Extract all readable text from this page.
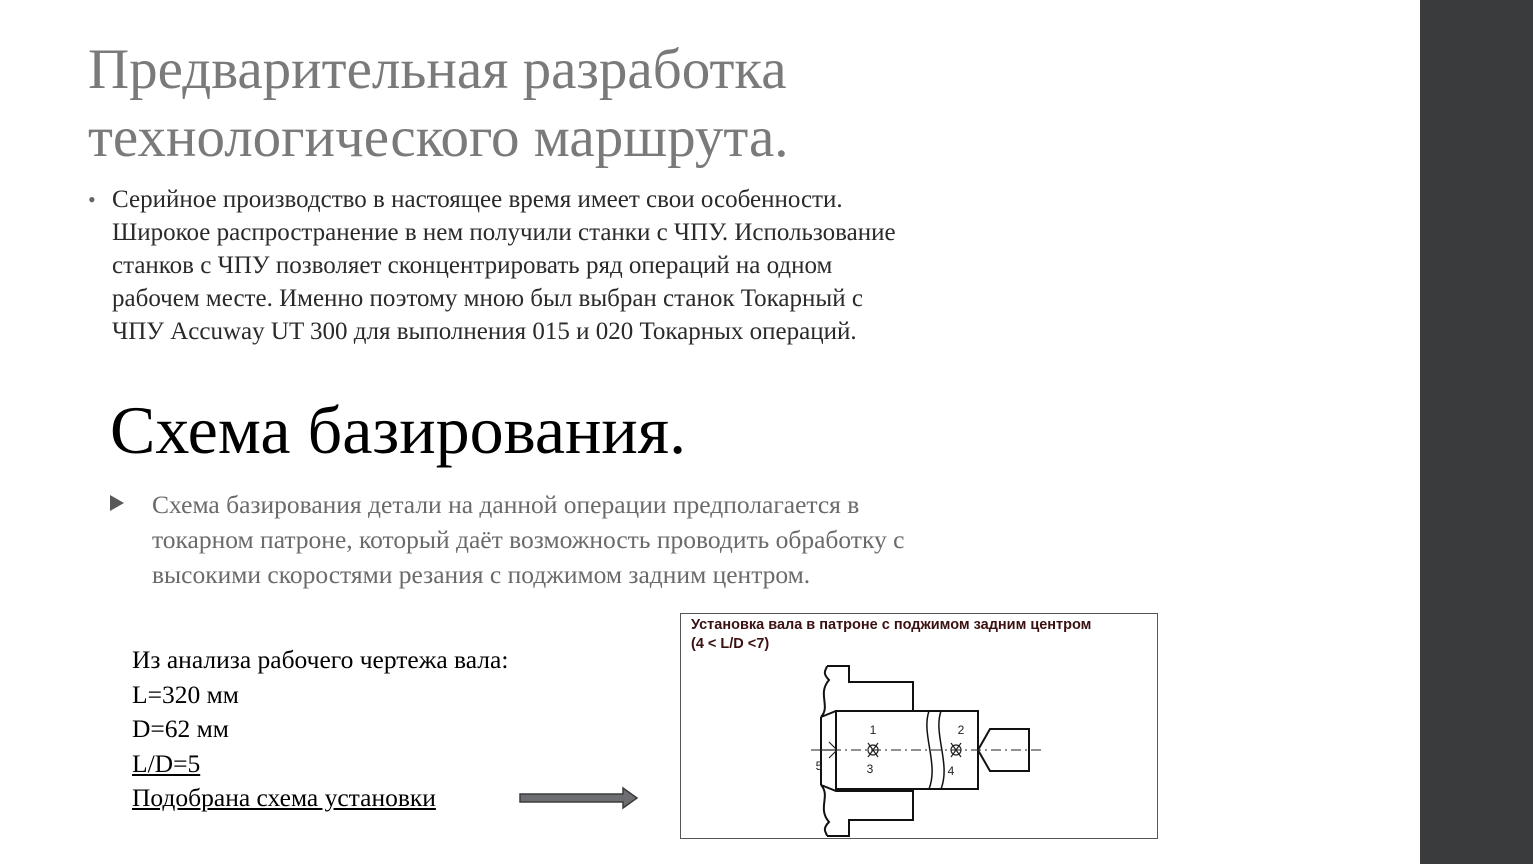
Предварительная разработка
технологического маршрута.
• Серийное производство в настоящее время имеет свои особенности.
Широкое распространение в нем получили станки с ЧПУ. Использование
станков с ЧПУ позволяет сконцентрировать ряд операций на одном
рабочем месте. Именно поэтому мною был выбран станок Токарный с
ЧПУ Accuway UT 300 для выполнения 015 и 020 Токарных операций.
Схема базирования.
Схема базирования детали на данной операции предполагается в
токарном патроне, который даёт возможность проводить обработку с
высокими скоростями резания с поджимом задним центром.
Из анализа рабочего чертежа вала:
L=320 мм
D=62 мм
L/D=5
Подобрана схема установки
Установка вала в патроне с поджимом задним центром
(4 < L/D <7)
1	2
3	4
5
